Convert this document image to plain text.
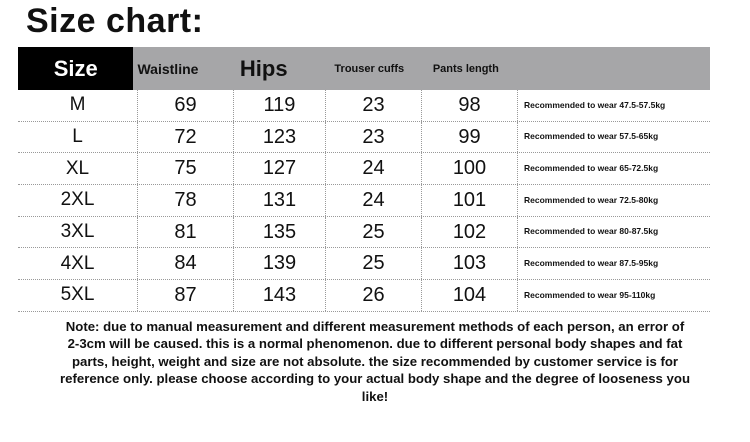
Size chart:
Size	Waistline	Hips	Trouser cuffs	Pants length
M	69	119	23	98	Recommended to wear 47.5-57.5kg
L	72	123	23	99	Recommended to wear 57.5-65kg
XL	75	127	24	100	Recommended to wear 65-72.5kg
2XL	78	131	24	101	Recommended to wear 72.5-80kg
3XL	81	135	25	102	Recommended to wear 80-87.5kg
4XL	84	139	25	103	Recommended to wear 87.5-95kg
5XL	87	143	26	104	Recommended to wear 95-110kg
Note: due to manual measurement and different measurement methods of each person, an error of 2-3cm will be caused. this is a normal phenomenon. due to different personal body shapes and fat parts, height, weight and size are not absolute. the size recommended by customer service is for reference only. please choose according to your actual body shape and the degree of looseness you like!
